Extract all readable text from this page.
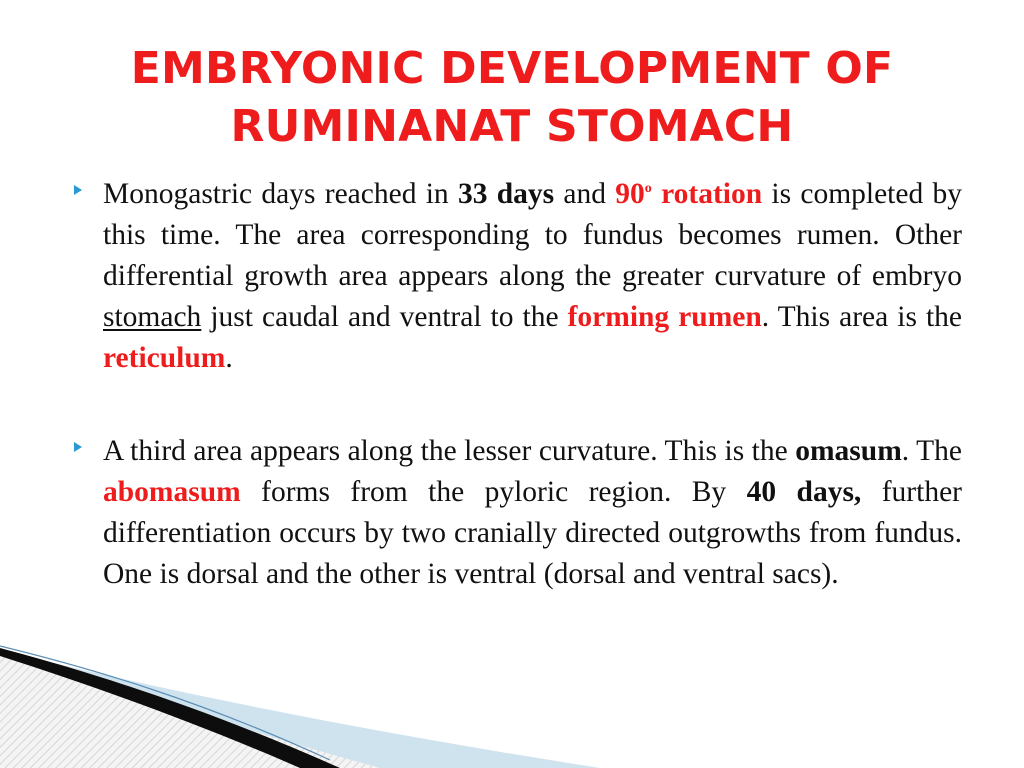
EMBRYONIC DEVELOPMENT OF
RUMINANAT STOMACH
Monogastric days reached in 33 days and 90$^o$ rotation is completed by this time. The area corresponding to fundus becomes rumen. Other differential growth area appears along the greater curvature of embryo stomach just caudal and ventral to the forming rumen. This area is the reticulum.
A third area appears along the lesser curvature. This is the omasum. The abomasum forms from the pyloric region. By 40 days, further differentiation occurs by two cranially directed outgrowths from fundus. One is dorsal and the other is ventral (dorsal and ventral sacs).
